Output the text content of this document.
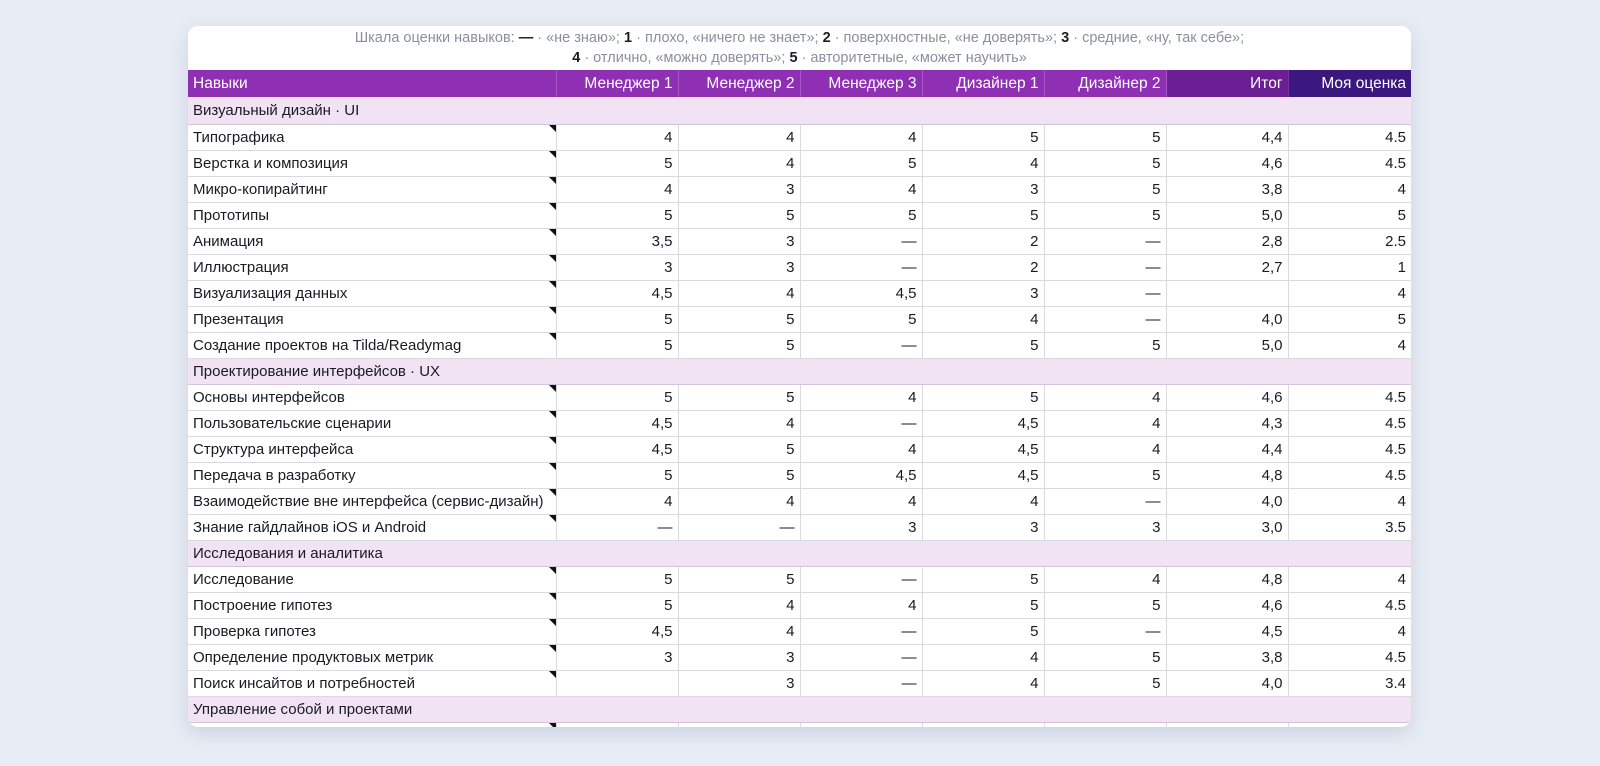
Шкала оценки навыков: — · «не знаю»; 1 · плохо, «ничего не знает»; 2 · поверхностные, «не доверять»; 3 · средние, «ну, так себе»;
4 · отлично, «можно доверять»; 5 · авторитетные, «может научить»
Навыки	Менеджер 1	Менеджер 2	Менеджер 3	Дизайнер 1	Дизайнер 2	Итог	Моя оценка
Визуальный дизайн · UI							
Типографика	4	4	4	5	5	4,4	4.5
Верстка и композиция	5	4	5	4	5	4,6	4.5
Микро-копирайтинг	4	3	4	3	5	3,8	4
Прототипы	5	5	5	5	5	5,0	5
Анимация	3,5	3	—	2	—	2,8	2.5
Иллюстрация	3	3	—	2	—	2,7	1
Визуализация данных	4,5	4	4,5	3	—		4
Презентация	5	5	5	4	—	4,0	5
Создание проектов на Tilda/Readymag	5	5	—	5	5	5,0	4
Проектирование интерфейсов · UX							
Основы интерфейсов	5	5	4	5	4	4,6	4.5
Пользовательские сценарии	4,5	4	—	4,5	4	4,3	4.5
Структура интерфейса	4,5	5	4	4,5	4	4,4	4.5
Передача в разработку	5	5	4,5	4,5	5	4,8	4.5
Взаимодействие вне интерфейса (сервис-дизайн)	4	4	4	4	—	4,0	4
Знание гайдлайнов iOS и Android	—	—	3	3	3	3,0	3.5
Исследования и аналитика							
Исследование	5	5	—	5	4	4,8	4
Построение гипотез	5	4	4	5	5	4,6	4.5
Проверка гипотез	4,5	4	—	5	—	4,5	4
Определение продуктовых метрик	3	3	—	4	5	3,8	4.5
Поиск инсайтов и потребностей		3	—	4	5	4,0	3.4
Управление собой и проектами							
